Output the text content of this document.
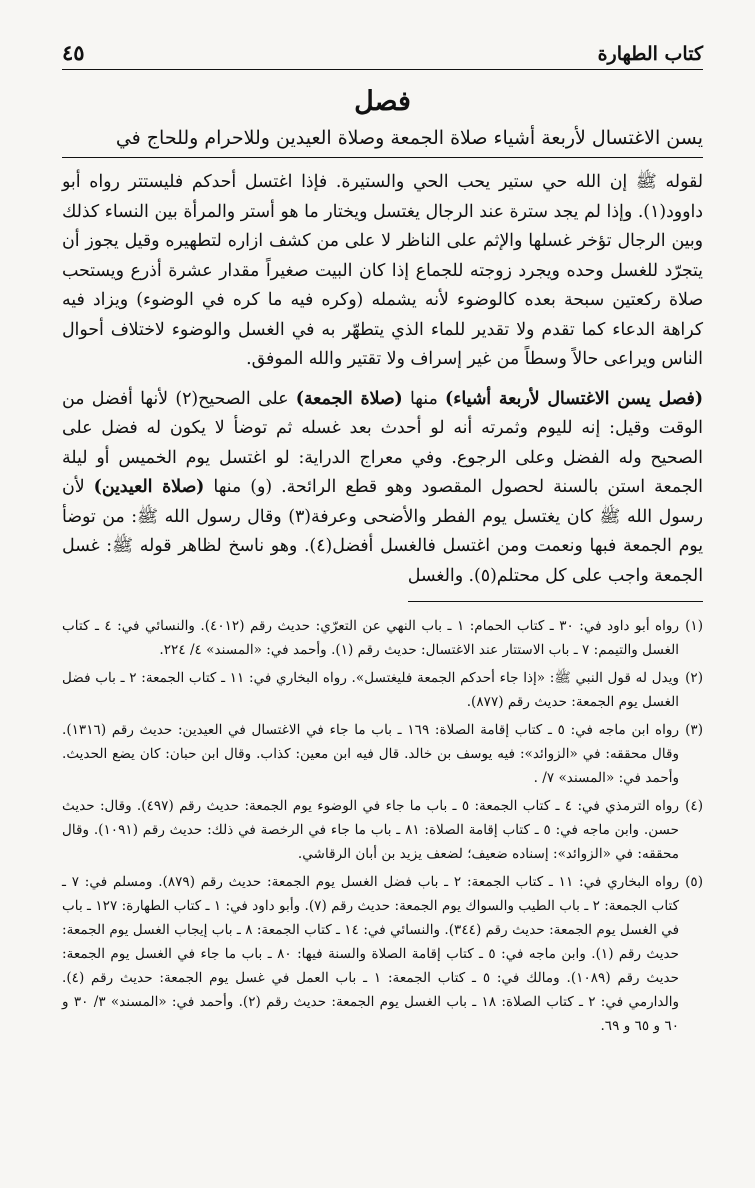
كتاب الطهارة
٤٥
فصل
يسن الاغتسال لأربعة أشياء صلاة الجمعة وصلاة العيدين وللاحرام وللحاج في

لقوله ﷺ إن الله حي ستير يحب الحي والستيرة. فإذا اغتسل أحدكم فليستتر رواه أبو داوود(١). وإذا لم يجد سترة عند الرجال يغتسل ويختار ما هو أستر والمرأة بين النساء كذلك وبين الرجال تؤخر غسلها والإثم على الناظر لا على من كشف ازاره لتطهيره وقيل يجوز أن يتجرّد للغسل وحده ويجرد زوجته للجماع إذا كان البيت صغيراً مقدار عشرة أذرع ويستحب صلاة ركعتين سبحة بعده كالوضوء لأنه يشمله (وكره فيه ما كره في الوضوء) ويزاد فيه كراهة الدعاء كما تقدم ولا تقدير للماء الذي يتطهّر به في الغسل والوضوء لاختلاف أحوال الناس ويراعى حالاً وسطاً من غير إسراف ولا تقتير والله الموفق.

(فصل يسن الاغتسال لأربعة أشياء) منها (صلاة الجمعة) على الصحيح(٢) لأنها أفضل من الوقت وقيل: إنه لليوم وثمرته أنه لو أحدث بعد غسله ثم توضأ لا يكون له فضل على الصحيح وله الفضل وعلى الرجوع. وفي معراج الدراية: لو اغتسل يوم الخميس أو ليلة الجمعة استن بالسنة لحصول المقصود وهو قطع الرائحة. (و) منها (صلاة العيدين) لأن رسول الله ﷺ كان يغتسل يوم الفطر والأضحى وعرفة(٣) وقال رسول الله ﷺ: من توضأ يوم الجمعة فبها ونعمت ومن اغتسل فالغسل أفضل(٤). وهو ناسخ لظاهر قوله ﷺ: غسل الجمعة واجب على كل محتلم(٥). والغسل

(١)
رواه أبو داود في: ٣٠ ـ كتاب الحمام: ١ ـ باب النهي عن التعرّي: حديث رقم (٤٠١٢). والنسائي في: ٤ ـ كتاب الغسل والتيمم: ٧ ـ باب الاستتار عند الاغتسال: حديث رقم (١). وأحمد في: «المسند» ٤/ ٢٢٤.
(٢)
ويدل له قول النبي ﷺ: «إذا جاء أحدكم الجمعة فليغتسل». رواه البخاري في: ١١ ـ كتاب الجمعة: ٢ ـ باب فضل الغسل يوم الجمعة: حديث رقم (٨٧٧).
(٣)
رواه ابن ماجه في: ٥ ـ كتاب إقامة الصلاة: ١٦٩ ـ باب ما جاء في الاغتسال في العيدين: حديث رقم (١٣١٦). وقال محققه: في «الزوائد»: فيه يوسف بن خالد. قال فيه ابن معين: كذاب. وقال ابن حبان: كان يضع الحديث. وأحمد في: «المسند» ٧/ .
(٤)
رواه الترمذي في: ٤ ـ كتاب الجمعة: ٥ ـ باب ما جاء في الوضوء يوم الجمعة: حديث رقم (٤٩٧). وقال: حديث حسن. وابن ماجه في: ٥ ـ كتاب إقامة الصلاة: ٨١ ـ باب ما جاء في الرخصة في ذلك: حديث رقم (١٠٩١). وقال محققه: في «الزوائد»: إسناده ضعيف؛ لضعف يزيد بن أبان الرقاشي.
(٥)
رواه البخاري في: ١١ ـ كتاب الجمعة: ٢ ـ باب فضل الغسل يوم الجمعة: حديث رقم (٨٧٩). ومسلم في: ٧ ـ كتاب الجمعة: ٢ ـ باب الطيب والسواك يوم الجمعة: حديث رقم (٧). وأبو داود في: ١ ـ كتاب الطهارة: ١٢٧ ـ باب في الغسل يوم الجمعة: حديث رقم (٣٤٤). والنسائي في: ١٤ ـ كتاب الجمعة: ٨ ـ باب إيجاب الغسل يوم الجمعة: حديث رقم (١). وابن ماجه في: ٥ ـ كتاب إقامة الصلاة والسنة فيها: ٨٠ ـ باب ما جاء في الغسل يوم الجمعة: حديث رقم (١٠٨٩). ومالك في: ٥ ـ كتاب الجمعة: ١ ـ باب العمل في غسل يوم الجمعة: حديث رقم (٤). والدارمي في: ٢ ـ كتاب الصلاة: ١٨ ـ باب الغسل يوم الجمعة: حديث رقم (٢). وأحمد في: «المسند» ٣/ ٣٠ و ٦٠ و ٦٥ و ٦٩.
